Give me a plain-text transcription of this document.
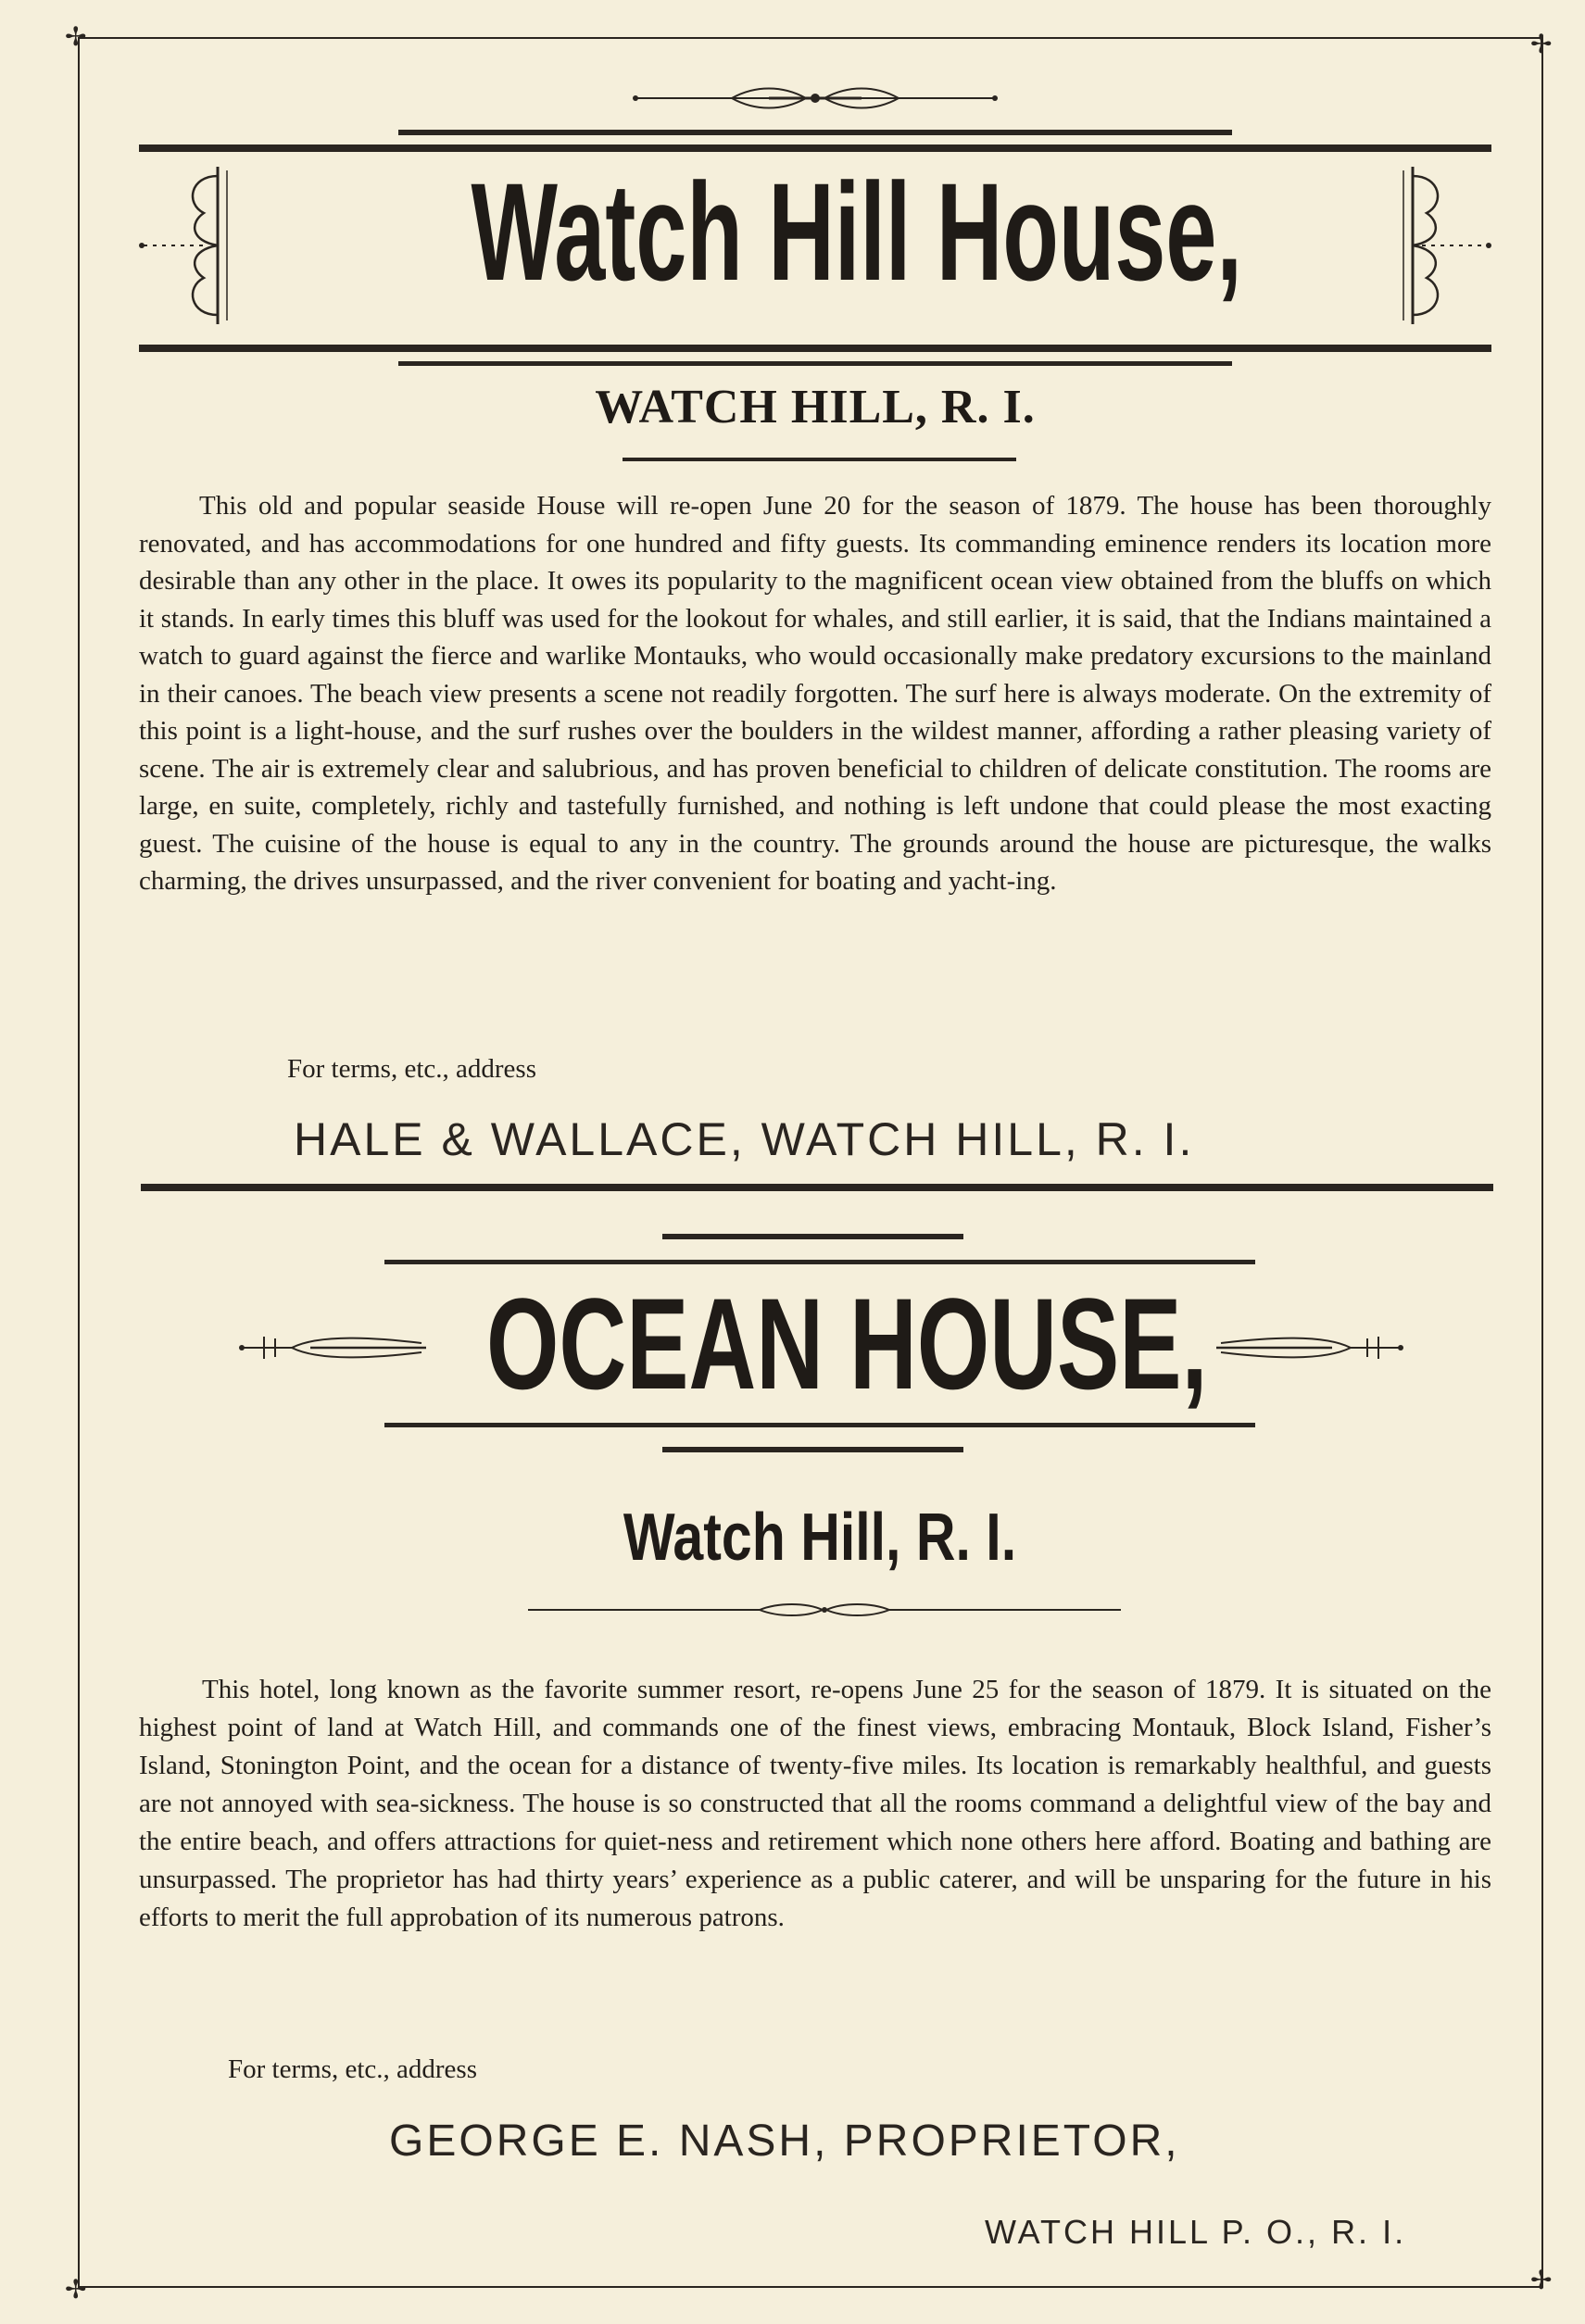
✢	✢
✢	✢
Watch Hill House,
WATCH HILL, R. I.
This old and popular seaside House will re-open June 20 for the season of 1879. The house has been thoroughly renovated, and has accommodations for one hundred and fifty guests. Its commanding eminence renders its location more desirable than any other in the place. It owes its popularity to the magnificent ocean view obtained from the bluffs on which it stands. In early times this bluff was used for the lookout for whales, and still earlier, it is said, that the Indians maintained a watch to guard against the fierce and warlike Montauks, who would occasionally make predatory excursions to the mainland in their canoes. The beach view presents a scene not readily forgotten. The surf here is always moderate. On the extremity of this point is a light-house, and the surf rushes over the boulders in the wildest manner, affording a rather pleasing variety of scene. The air is extremely clear and salubrious, and has proven beneficial to children of delicate constitution. The rooms are large, en suite, completely, richly and tastefully furnished, and nothing is left undone that could please the most exacting guest. The cuisine of the house is equal to any in the country. The grounds around the house are picturesque, the walks charming, the drives unsurpassed, and the river convenient for boating and yacht-ing.
For terms, etc., address
HALE & WALLACE, WATCH HILL, R. I.
OCEAN HOUSE,
Watch Hill, R. I.
This hotel, long known as the favorite summer resort, re-opens June 25 for the season of 1879. It is situated on the highest point of land at Watch Hill, and commands one of the finest views, embracing Montauk, Block Island, Fisher’s Island, Stonington Point, and the ocean for a distance of twenty-five miles. Its location is remarkably healthful, and guests are not annoyed with sea-sickness. The house is so constructed that all the rooms command a delightful view of the bay and the entire beach, and offers attractions for quiet-ness and retirement which none others here afford. Boating and bathing are unsurpassed. The proprietor has had thirty years’ experience as a public caterer, and will be unsparing for the future in his efforts to merit the full approbation of its numerous patrons.
For terms, etc., address
GEORGE E. NASH, PROPRIETOR,
WATCH HILL P. O., R. I.
